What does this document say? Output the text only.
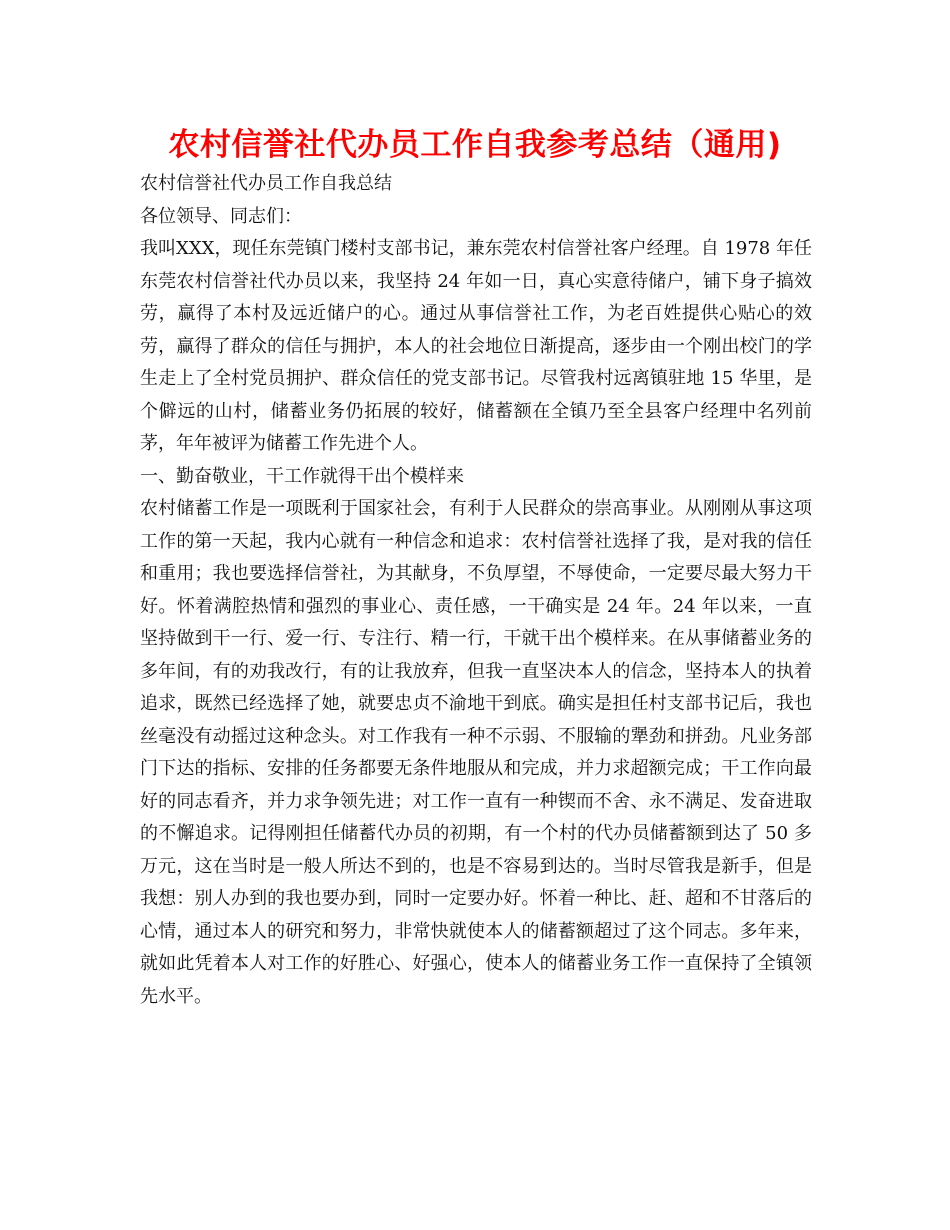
农村信誉社代办员工作自我参考总结（通用)

农村信誉社代办员工作自我总结

各位领导、同志们：

我叫XXX，现任东莞镇门楼村支部书记，兼东莞农村信誉社客户经理。自 1978 年任东莞农村信誉社代办员以来，我坚持 24 年如一日，真心实意待储户，铺下身子搞效劳，赢得了本村及远近储户的心。通过从事信誉社工作，为老百姓提供心贴心的效劳，赢得了群众的信任与拥护，本人的社会地位日渐提高，逐步由一个刚出校门的学生走上了全村党员拥护、群众信任的党支部书记。尽管我村远离镇驻地 15 华里，是个僻远的山村，储蓄业务仍拓展的较好，储蓄额在全镇乃至全县客户经理中名列前茅，年年被评为储蓄工作先进个人。

一、勤奋敬业，干工作就得干出个模样来

农村储蓄工作是一项既利于国家社会，有利于人民群众的崇高事业。从刚刚从事这项工作的第一天起，我内心就有一种信念和追求：农村信誉社选择了我，是对我的信任和重用；我也要选择信誉社，为其献身，不负厚望，不辱使命，一定要尽最大努力干好。怀着满腔热情和强烈的事业心、责任感，一干确实是 24 年。24 年以来，一直坚持做到干一行、爱一行、专注行、精一行，干就干出个模样来。在从事储蓄业务的多年间，有的劝我改行，有的让我放弃，但我一直坚决本人的信念，坚持本人的执着追求，既然已经选择了她，就要忠贞不渝地干到底。确实是担任村支部书记后，我也丝毫没有动摇过这种念头。对工作我有一种不示弱、不服输的犟劲和拼劲。凡业务部门下达的指标、安排的任务都要无条件地服从和完成，并力求超额完成；干工作向最好的同志看齐，并力求争领先进；对工作一直有一种锲而不舍、永不满足、发奋进取的不懈追求。记得刚担任储蓄代办员的初期，有一个村的代办员储蓄额到达了 50 多万元，这在当时是一般人所达不到的，也是不容易到达的。当时尽管我是新手，但是我想：别人办到的我也要办到，同时一定要办好。怀着一种比、赶、超和不甘落后的心情，通过本人的研究和努力，非常快就使本人的储蓄额超过了这个同志。多年来，就如此凭着本人对工作的好胜心、好强心，使本人的储蓄业务工作一直保持了全镇领先水平。
